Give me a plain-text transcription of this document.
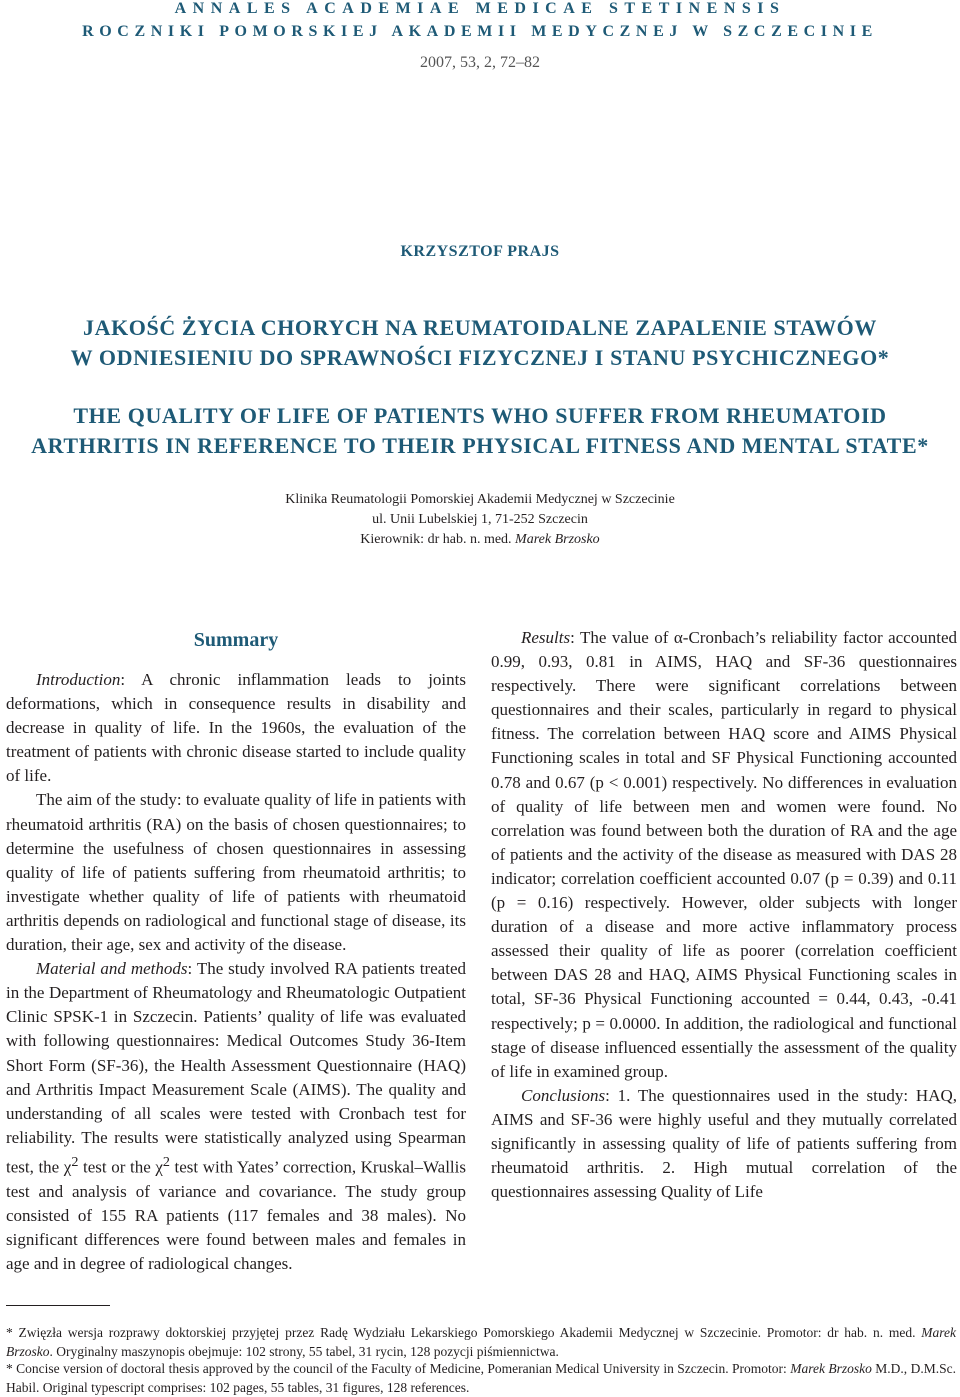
ANNALES ACADEMIAE MEDICAE STETINENSIS
ROCZNIKI POMORSKIEJ AKADEMII MEDYCZNEJ W SZCZECINIE
2007, 53, 2, 72–82
KRZYSZTOF PRAJS
JAKOŚĆ ŻYCIA CHORYCH NA REUMATOIDALNE ZAPALENIE STAWÓW
W ODNIESIENIU DO SPRAWNOŚCI FIZYCZNEJ I STANU PSYCHICZNEGO*
THE QUALITY OF LIFE OF PATIENTS WHO SUFFER FROM RHEUMATOID
ARTHRITIS IN REFERENCE TO THEIR PHYSICAL FITNESS AND MENTAL STATE*
Klinika Reumatologii Pomorskiej Akademii Medycznej w Szczecinie
ul. Unii Lubelskiej 1, 71-252 Szczecin
Kierownik: dr hab. n. med. Marek Brzosko
Summary

Introduction: A chronic inflammation leads to joints deformations, which in consequence results in disability and decrease in quality of life. In the 1960s, the evaluation of the treatment of patients with chronic disease started to include quality of life.

The aim of the study: to evaluate quality of life in patients with rheumatoid arthritis (RA) on the basis of chosen questionnaires; to determine the usefulness of chosen questionnaires in assessing quality of life of patients suffering from rheumatoid arthritis; to investigate whether quality of life of patients with rheumatoid arthritis depends on radiological and functional stage of disease, its duration, their age, sex and activity of the disease.

Material and methods: The study involved RA patients treated in the Department of Rheumatology and Rheumatologic Outpatient Clinic SPSK-1 in Szczecin. Patients’ quality of life was evaluated with following questionnaires: Medical Outcomes Study 36-Item Short Form (SF-36), the Health Assessment Questionnaire (HAQ) and Arthritis Impact Measurement Scale (AIMS). The quality and understanding of all scales were tested with Cronbach test for reliability. The results were statistically analyzed using Spearman test, the $\chi^2$ test or the $\chi^2$ test with Yates’ correction, Kruskal–Wallis test and analysis of variance and covariance. The study group consisted of 155 RA patients (117 females and 38 males). No significant differences were found between males and females in age and in degree of radiological changes.

Results: The value of α-Cronbach’s reliability factor accounted 0.99, 0.93, 0.81 in AIMS, HAQ and SF-36 questionnaires respectively. There were significant correlations between questionnaires and their scales, particularly in regard to physical fitness. The correlation between HAQ score and AIMS Physical Functioning scales in total and SF Physical Functioning accounted 0.78 and 0.67 (p < 0.001) respectively. No differences in evaluation of quality of life between men and women were found. No correlation was found between both the duration of RA and the age of patients and the activity of the disease as measured with DAS 28 indicator; correlation coefficient accounted 0.07 (p = 0.39) and 0.11 (p = 0.16) respectively. However, older subjects with longer duration of a disease and more active inflammatory process assessed their quality of life as poorer (correlation coefficient between DAS 28 and HAQ, AIMS Physical Functioning scales in total, SF-36 Physical Functioning accounted = 0.44, 0.43, -0.41 respectively; p = 0.0000. In addition, the radiological and functional stage of disease influenced essentially the assessment of the quality of life in examined group.

Conclusions: 1. The questionnaires used in the study: HAQ, AIMS and SF-36 were highly useful and they mutually correlated significantly in assessing quality of life of patients suffering from rheumatoid arthritis. 2. High mutual correlation of the questionnaires assessing Quality of Life

* Zwięzła wersja rozprawy doktorskiej przyjętej przez Radę Wydziału Lekarskiego Pomorskiego Akademii Medycznej w Szczecinie. Promotor: dr hab. n. med. Marek Brzosko. Oryginalny maszynopis obejmuje: 102 strony, 55 tabel, 31 rycin, 128 pozycji piśmiennictwa.
* Concise version of doctoral thesis approved by the council of the Faculty of Medicine, Pomeranian Medical University in Szczecin. Promotor: Marek Brzosko M.D., D.M.Sc. Habil. Original typescript comprises: 102 pages, 55 tables, 31 figures, 128 references.
